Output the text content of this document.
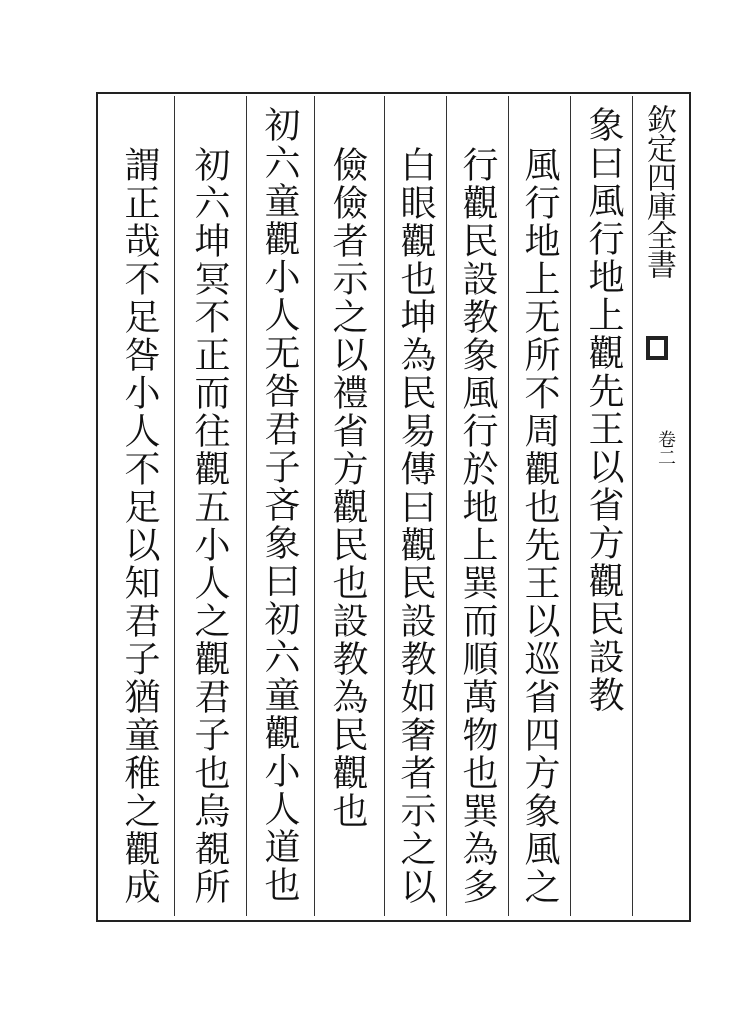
欽定四庫全書
卷二
象曰風行地上觀先王以省方觀民設教
風行地上无所不周觀也先王以巡省四方象風之
行觀民設教象風行於地上巽而順萬物也巽為多
白眼觀也坤為民易傳曰觀民設教如奢者示之以
儉儉者示之以禮省方觀民也設教為民觀也
初六童觀小人无咎君子吝象曰初六童觀小人道也
初六坤冥不正而往觀五小人之觀君子也烏覩所
謂正哉不足咎小人不足以知君子猶童稚之觀成
